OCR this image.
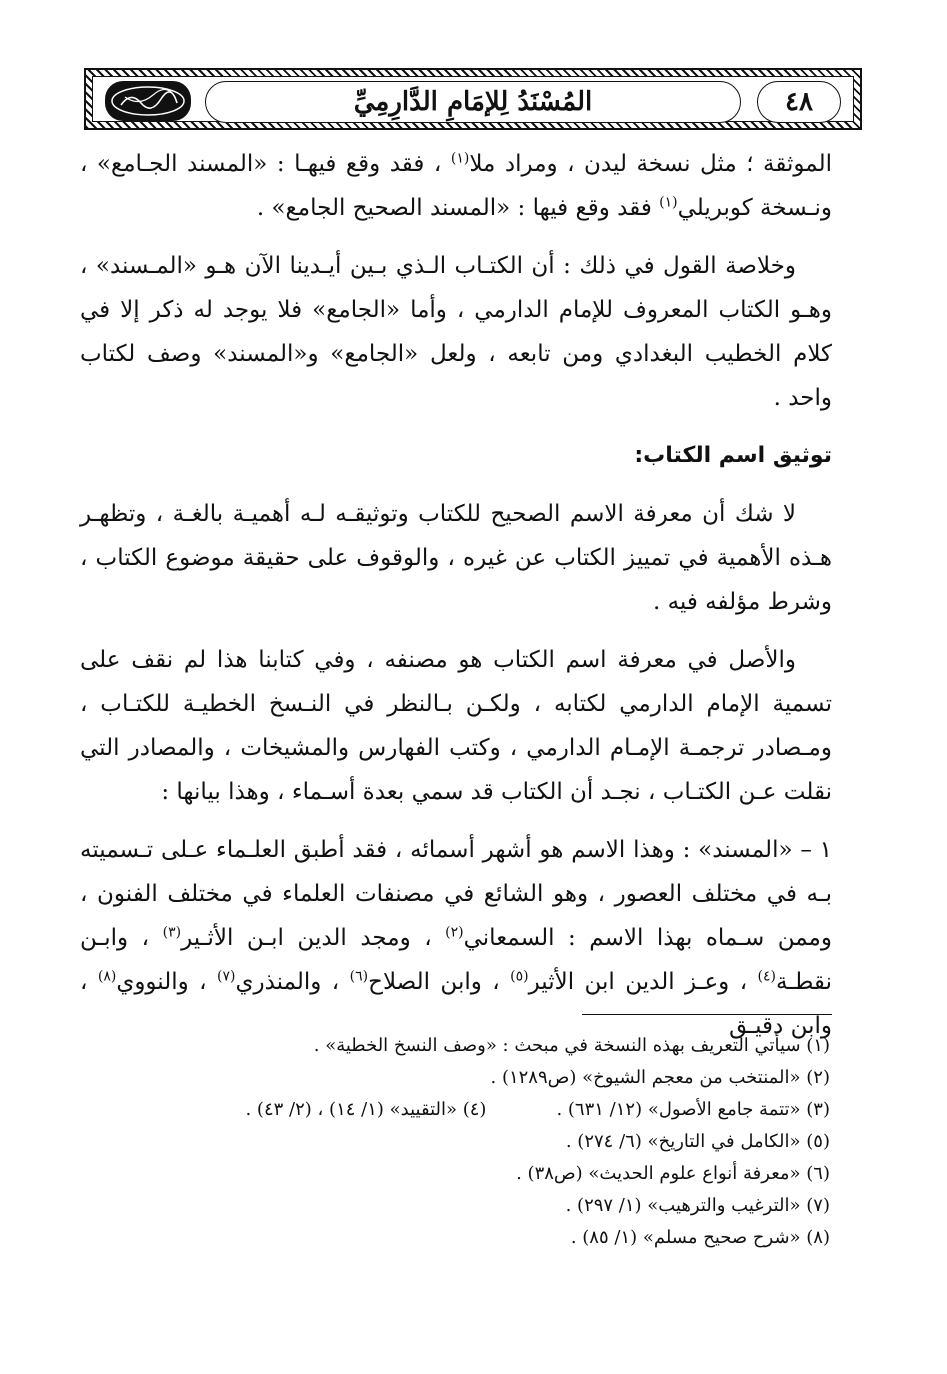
المُسْنَدُ لِلإمَامِ الدَّارِمِيِّ	٤٨

الموثقة ؛ مثل نسخة ليدن ، ومراد ملا$^{(١)}$ ، فقد وقع فيهـا : «المسند الجـامع» ، ونـسخة كوبريلي$^{(١)}$ فقد وقع فيها : «المسند الصحيح الجامع» .

وخلاصة القول في ذلك : أن الكتـاب الـذي بـين أيـدينا الآن هـو «المـسند» ، وهـو الكتاب المعروف للإمام الدارمي ، وأما «الجامع» فلا يوجد له ذكر إلا في كلام الخطيب البغدادي ومن تابعه ، ولعل «الجامع» و«المسند» وصف لكتاب واحد .

توثيق اسم الكتاب:

لا شك أن معرفة الاسم الصحيح للكتاب وتوثيقـه لـه أهميـة بالغـة ، وتظهـر هـذه الأهمية في تمييز الكتاب عن غيره ، والوقوف على حقيقة موضوع الكتاب ، وشرط مؤلفه فيه .

والأصل في معرفة اسم الكتاب هو مصنفه ، وفي كتابنا هذا لم نقف على تسمية الإمام الدارمي لكتابه ، ولكـن بـالنظر في النـسخ الخطيـة للكتـاب ، ومـصادر ترجمـة الإمـام الدارمي ، وكتب الفهارس والمشيخات ، والمصادر التي نقلت عـن الكتـاب ، نجـد أن الكتاب قد سمي بعدة أسـماء ، وهذا بيانها :

١ – «المسند» : وهذا الاسم هو أشهر أسمائه ، فقد أطبق العلـماء عـلى تـسميته بـه في مختلف العصور ، وهو الشائع في مصنفات العلماء في مختلف الفنون ، وممن سـماه بهذا الاسم : السمعاني$^{(٢)}$ ، ومجد الدين ابـن الأثـير$^{(٣)}$ ، وابـن نقطـة$^{(٤)}$ ، وعـز الدين ابن الأثير$^{(٥)}$ ، وابن الصلاح$^{(٦)}$ ، والمنذري$^{(٧)}$ ، والنووي$^{(٨)}$ ، وابن دقيـق

(١) سيأتي التعريف بهذه النسخة في مبحث : «وصف النسخ الخطية» .
(٢) «المنتخب من معجم الشيوخ» (ص١٢٨٩) .
(٣) «تتمة جامع الأصول» (١٢/ ٦٣١) .
(٤) «التقييد» (١/ ١٤) ، (٢/ ٤٣) .
(٥) «الكامل في التاريخ» (٦/ ٢٧٤) .
(٦) «معرفة أنواع علوم الحديث» (ص٣٨) .
(٧) «الترغيب والترهيب» (١/ ٢٩٧) .
(٨) «شرح صحيح مسلم» (١/ ٨٥) .
